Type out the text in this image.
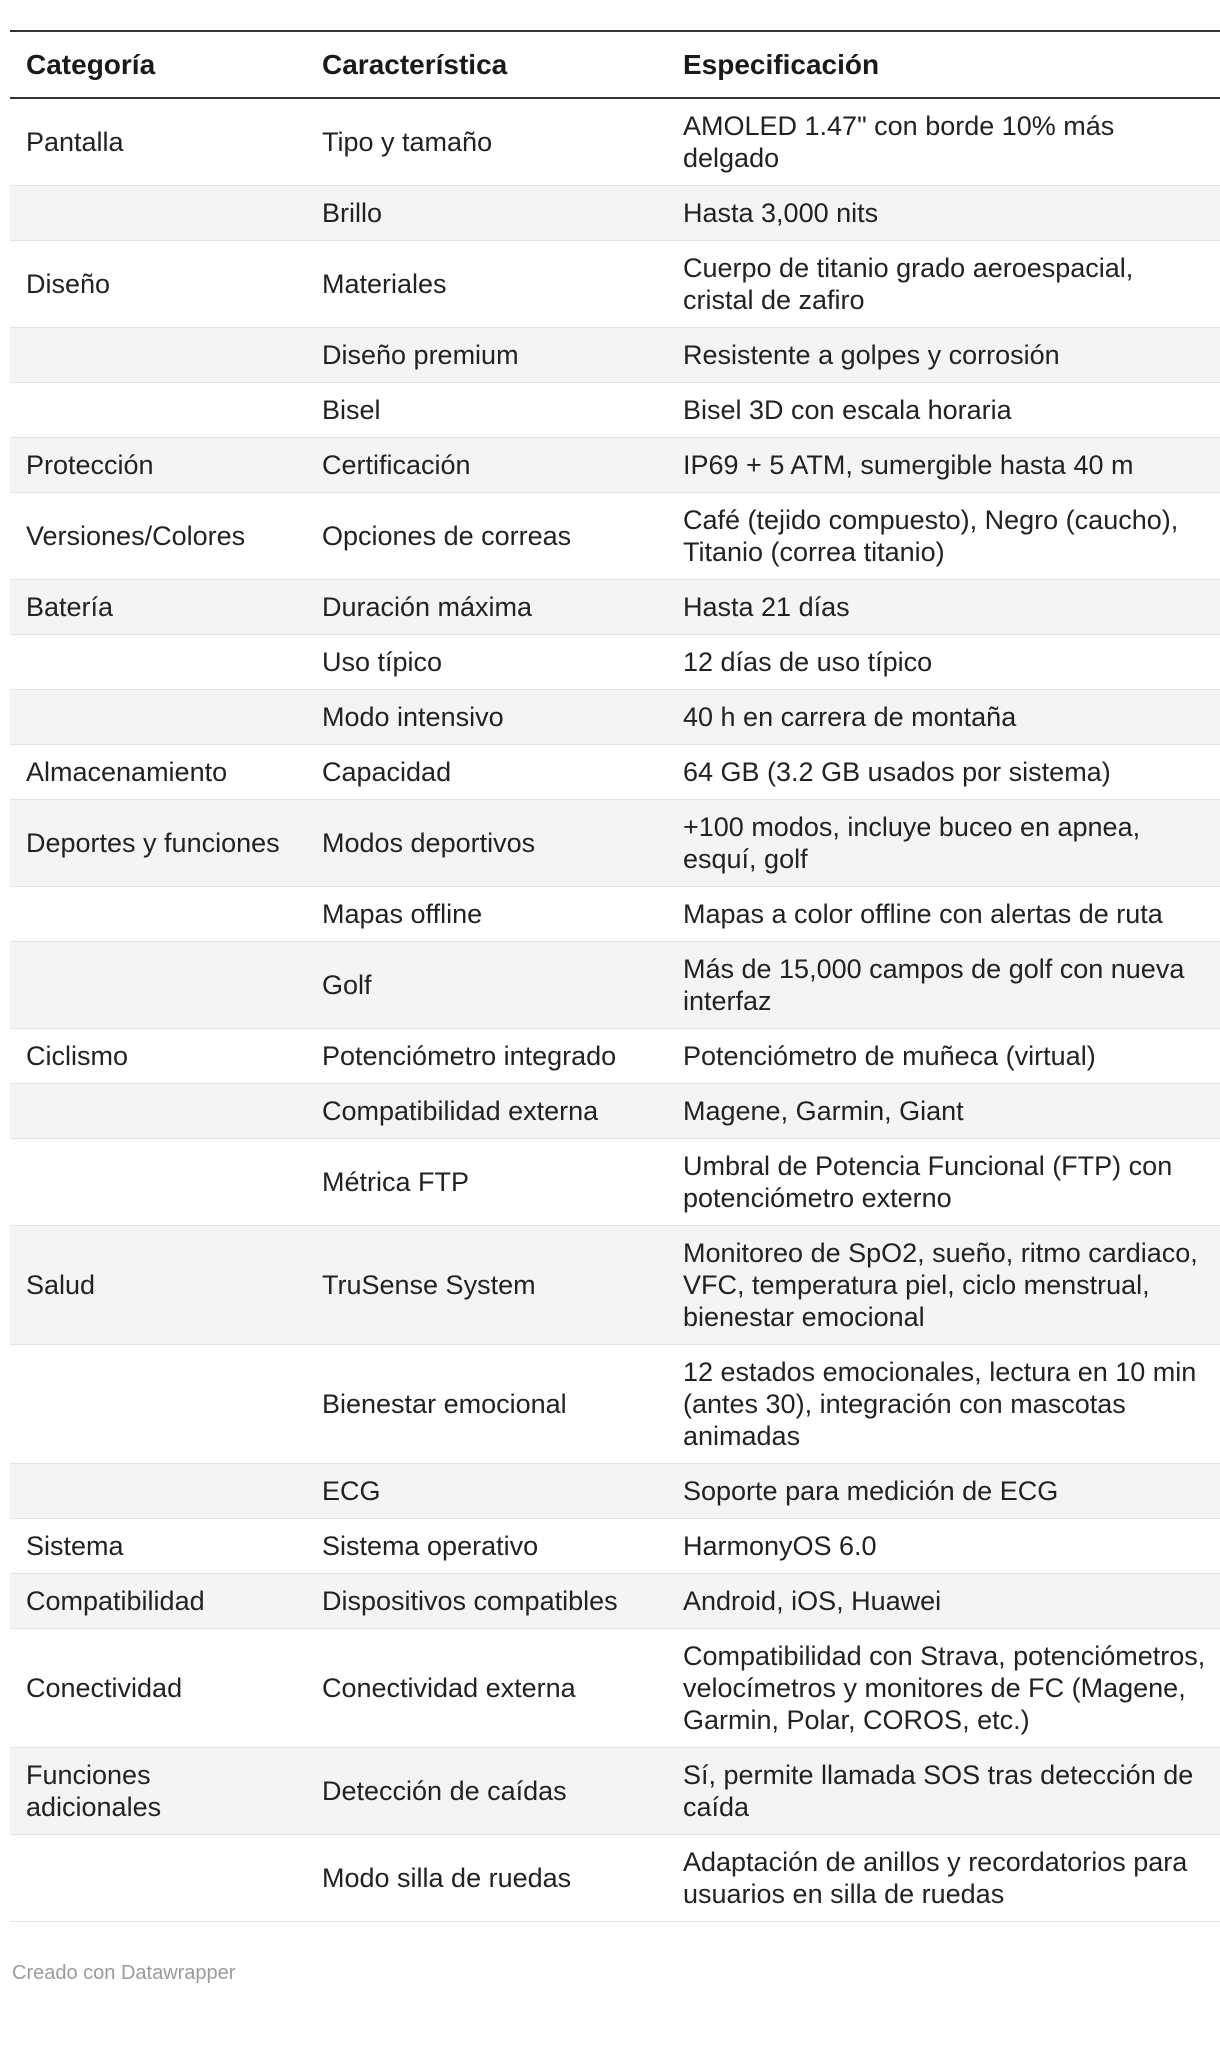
Categoría	Característica	Especificación
Pantalla	Tipo y tamaño	AMOLED 1.47" con borde 10% más delgado
	Brillo	Hasta 3,000 nits
Diseño	Materiales	Cuerpo de titanio grado aeroespacial, cristal de zafiro
	Diseño premium	Resistente a golpes y corrosión
	Bisel	Bisel 3D con escala horaria
Protección	Certificación	IP69 + 5 ATM, sumergible hasta 40 m
Versiones/Colores	Opciones de correas	Café (tejido compuesto), Negro (caucho), Titanio (correa titanio)
Batería	Duración máxima	Hasta 21 días
	Uso típico	12 días de uso típico
	Modo intensivo	40 h en carrera de montaña
Almacenamiento	Capacidad	64 GB (3.2 GB usados por sistema)
Deportes y funciones	Modos deportivos	+100 modos, incluye buceo en apnea, esquí, golf
	Mapas offline	Mapas a color offline con alertas de ruta
	Golf	Más de 15,000 campos de golf con nueva interfaz
Ciclismo	Potenciómetro integrado	Potenciómetro de muñeca (virtual)
	Compatibilidad externa	Magene, Garmin, Giant
	Métrica FTP	Umbral de Potencia Funcional (FTP) con potenciómetro externo
Salud	TruSense System	Monitoreo de SpO2, sueño, ritmo cardiaco, VFC, temperatura piel, ciclo menstrual, bienestar emocional
	Bienestar emocional	12 estados emocionales, lectura en 10 min (antes 30), integración con mascotas animadas
	ECG	Soporte para medición de ECG
Sistema	Sistema operativo	HarmonyOS 6.0
Compatibilidad	Dispositivos compatibles	Android, iOS, Huawei
Conectividad	Conectividad externa	Compatibilidad con Strava, potenciómetros, velocímetros y monitores de FC (Magene, Garmin, Polar, COROS, etc.)
Funciones adicionales	Detección de caídas	Sí, permite llamada SOS tras detección de caída
	Modo silla de ruedas	Adaptación de anillos y recordatorios para usuarios en silla de ruedas
Creado con Datawrapper
